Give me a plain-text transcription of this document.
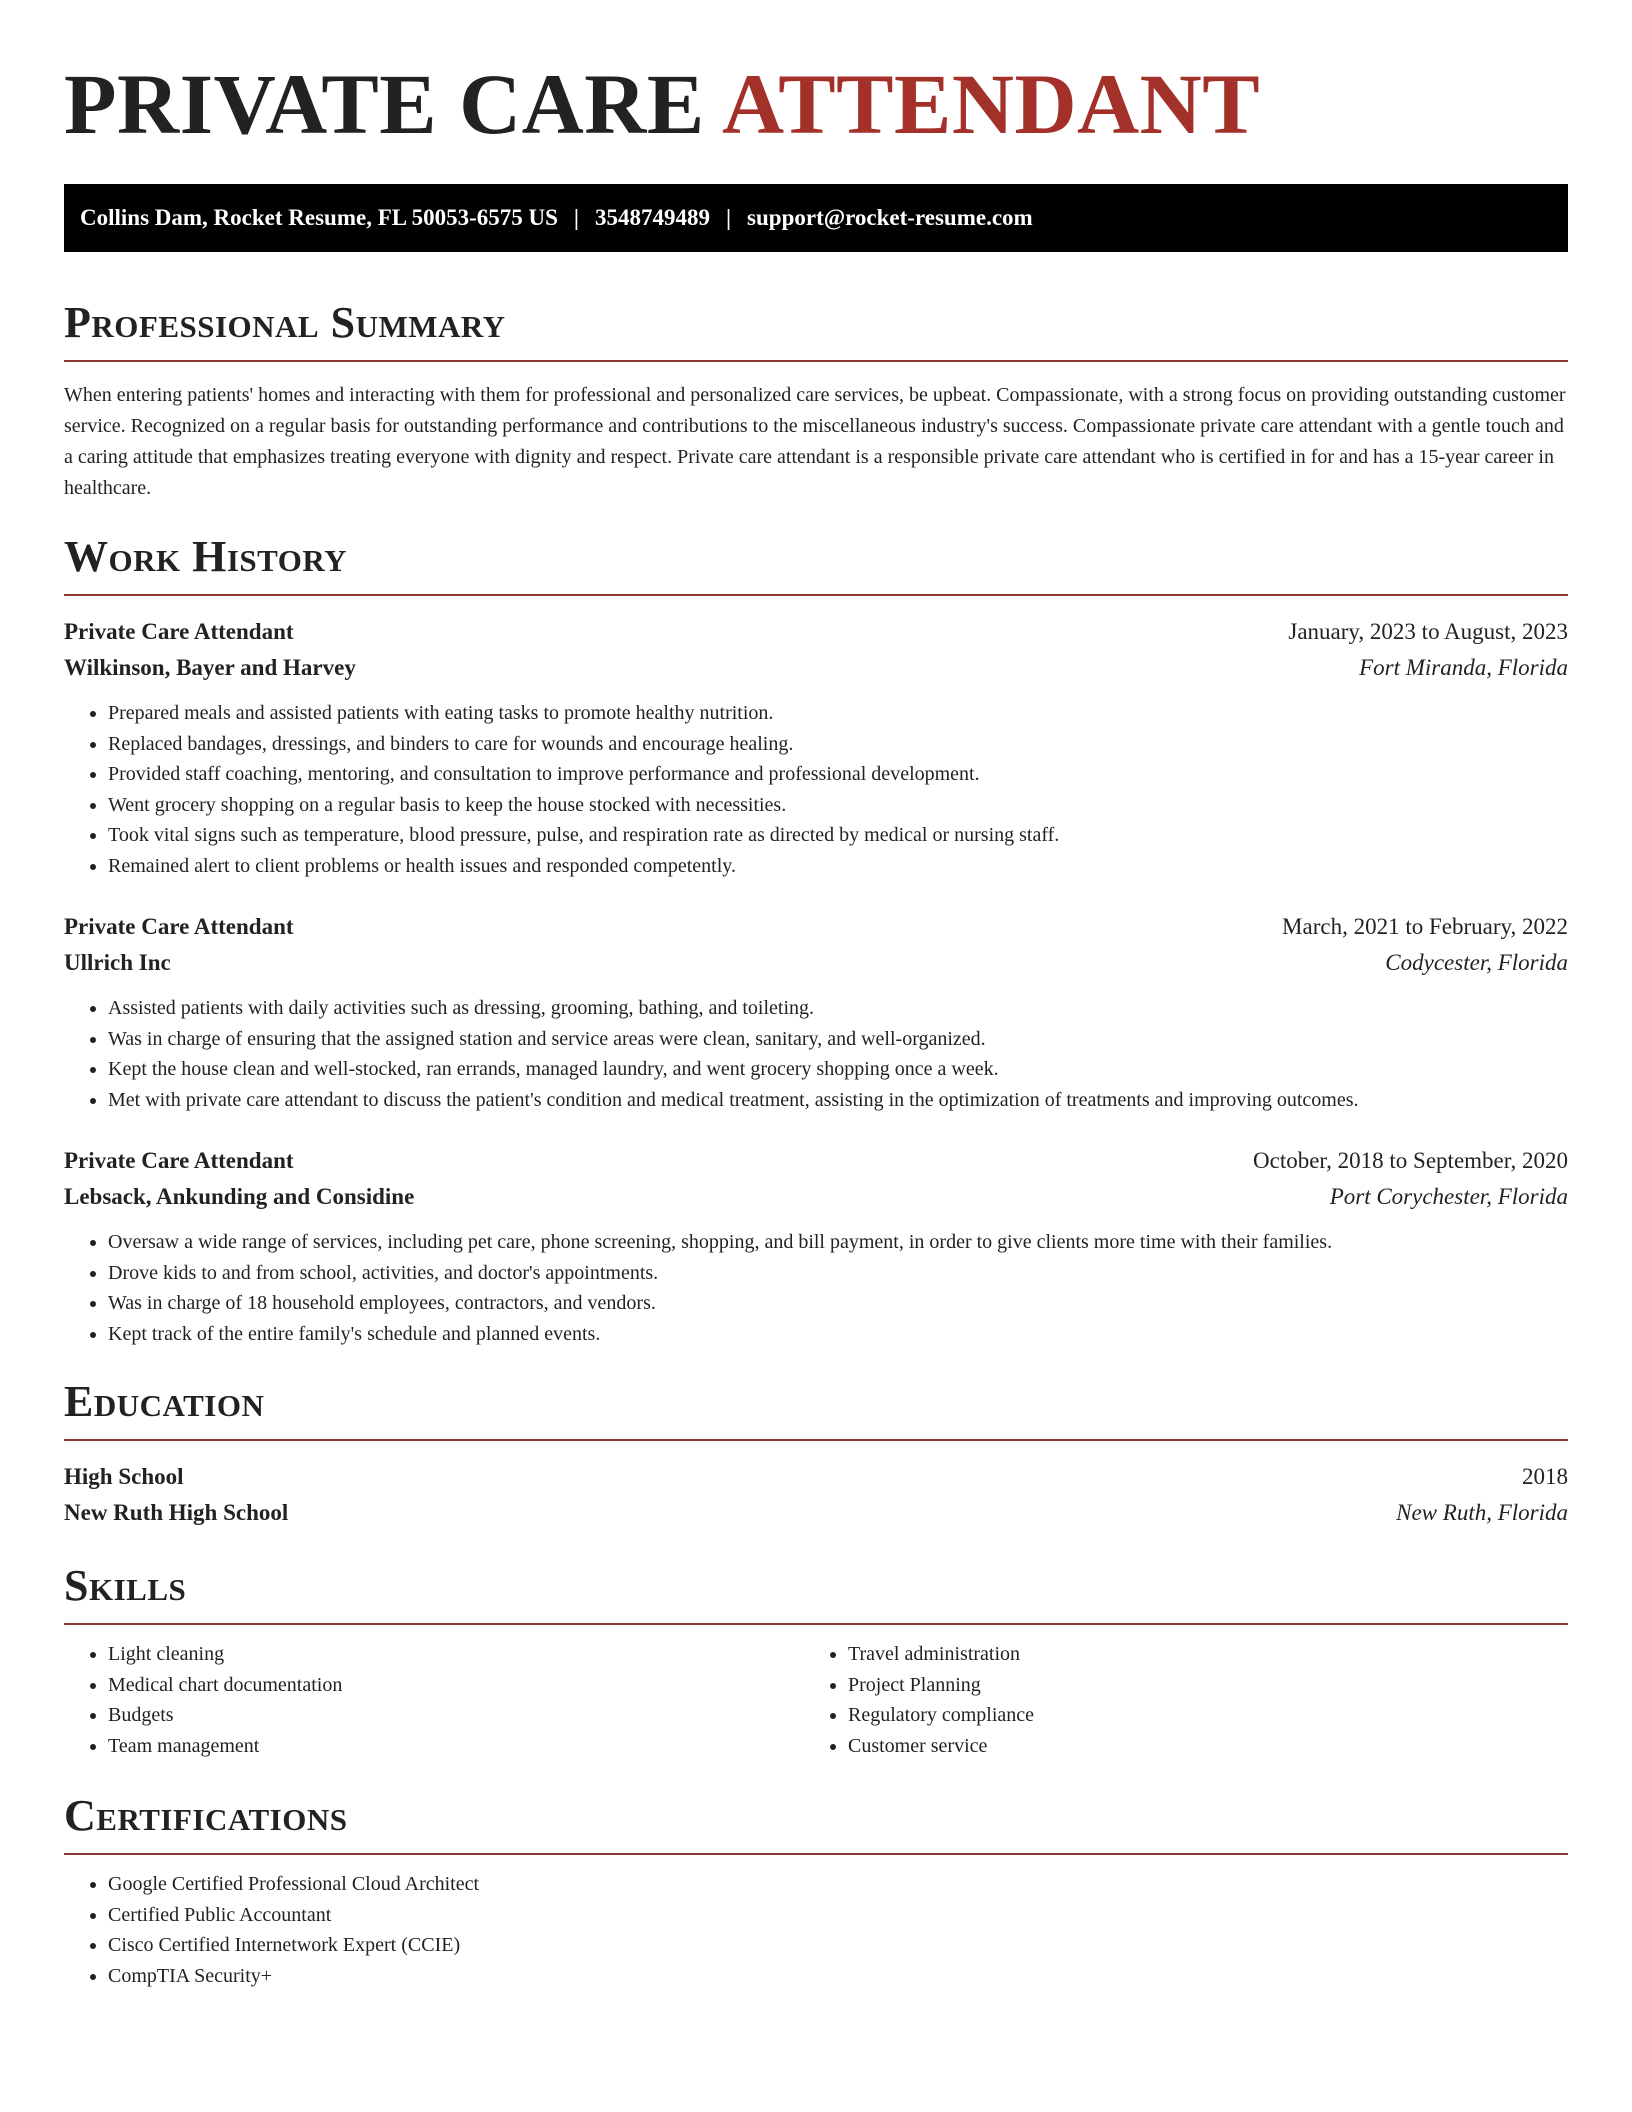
PRIVATE CARE ATTENDANT
Collins Dam, Rocket Resume, FL 50053-6575 US | 3548749489 | support@rocket-resume.com
Professional Summary

When entering patients' homes and interacting with them for professional and personalized care services, be upbeat. Compassionate, with a strong focus on providing outstanding customer service. Recognized on a regular basis for outstanding performance and contributions to the miscellaneous industry's success. Compassionate private care attendant with a gentle touch and a caring attitude that emphasizes treating everyone with dignity and respect. Private care attendant is a responsible private care attendant who is certified in for and has a 15-year career in healthcare.

Work History
Private Care Attendant	January, 2023 to August, 2023
Wilkinson, Bayer and Harvey	Fort Miranda, Florida
• Prepared meals and assisted patients with eating tasks to promote healthy nutrition.
• Replaced bandages, dressings, and binders to care for wounds and encourage healing.
• Provided staff coaching, mentoring, and consultation to improve performance and professional development.
• Went grocery shopping on a regular basis to keep the house stocked with necessities.
• Took vital signs such as temperature, blood pressure, pulse, and respiration rate as directed by medical or nursing staff.
• Remained alert to client problems or health issues and responded competently.
Private Care Attendant	March, 2021 to February, 2022
Ullrich Inc	Codycester, Florida
• Assisted patients with daily activities such as dressing, grooming, bathing, and toileting.
• Was in charge of ensuring that the assigned station and service areas were clean, sanitary, and well-organized.
• Kept the house clean and well-stocked, ran errands, managed laundry, and went grocery shopping once a week.
• Met with private care attendant to discuss the patient's condition and medical treatment, assisting in the optimization of treatments and improving outcomes.
Private Care Attendant	October, 2018 to September, 2020
Lebsack, Ankunding and Considine	Port Corychester, Florida
• Oversaw a wide range of services, including pet care, phone screening, shopping, and bill payment, in order to give clients more time with their families.
• Drove kids to and from school, activities, and doctor's appointments.
• Was in charge of 18 household employees, contractors, and vendors.
• Kept track of the entire family's schedule and planned events.
Education
High School	2018
New Ruth High School	New Ruth, Florida
Skills
• Light cleaning
• Medical chart documentation
• Budgets
• Team management
• Travel administration
• Project Planning
• Regulatory compliance
• Customer service
Certifications
• Google Certified Professional Cloud Architect
• Certified Public Accountant
• Cisco Certified Internetwork Expert (CCIE)
• CompTIA Security+
